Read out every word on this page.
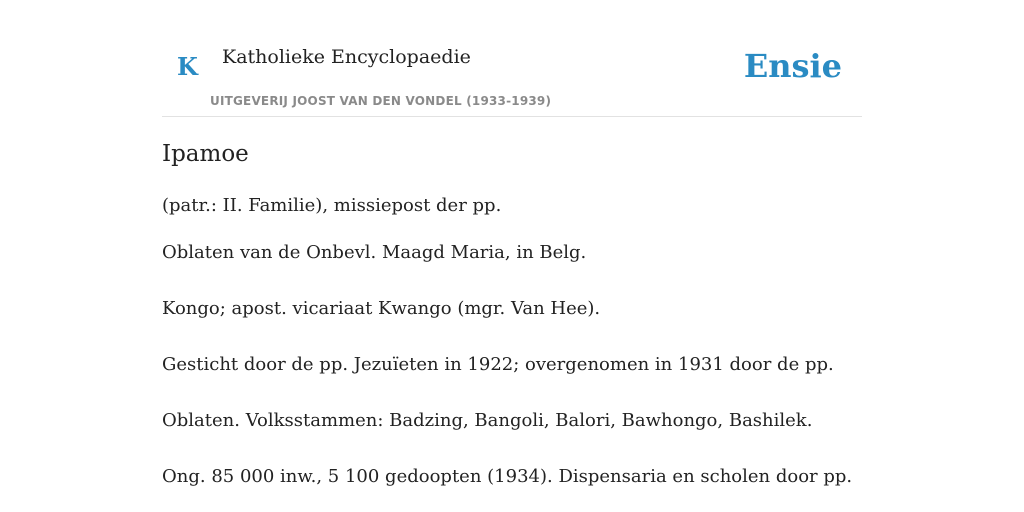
K Katholieke Encyclopaedie
UITGEVERIJ JOOST VAN DEN VONDEL (1933-1939)
Ensie
Ipamoe

(patr.: II. Familie), missiepost der pp.

Oblaten van de Onbevl. Maagd Maria, in Belg.

Kongo; apost. vicariaat Kwango (mgr. Van Hee).

Gesticht door de pp. Jezuïeten in 1922; overgenomen in 1931 door de pp.

Oblaten. Volksstammen: Badzing, Bangoli, Balori, Bawhongo, Bashilek.

Ong. 85 000 inw., 5 100 gedoopten (1934). Dispensaria en scholen door pp.
